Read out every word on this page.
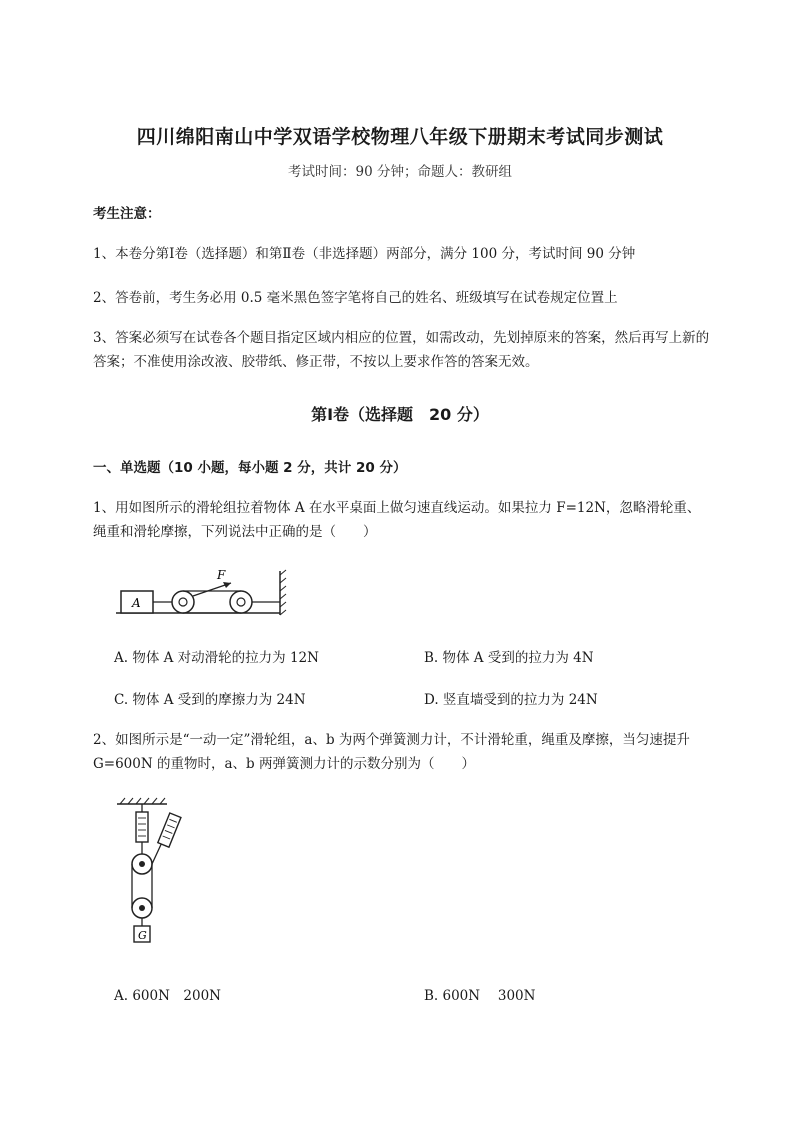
四川绵阳南山中学双语学校物理八年级下册期末考试同步测试
考试时间：90 分钟；命题人：教研组
考生注意：
1、本卷分第Ⅰ卷（选择题）和第Ⅱ卷（非选择题）两部分，满分 100 分，考试时间 90 分钟
2、答卷前，考生务必用 0.5 毫米黑色签字笔将自己的姓名、班级填写在试卷规定位置上
3、答案必须写在试卷各个题目指定区域内相应的位置，如需改动，先划掉原来的答案，然后再写上新的答案；不准使用涂改液、胶带纸、修正带，不按以上要求作答的答案无效。
第Ⅰ卷（选择题　20 分）
一、单选题（10 小题，每小题 2 分，共计 20 分）
1、用如图所示的滑轮组拉着物体 A 在水平桌面上做匀速直线运动。如果拉力 F=12N，忽略滑轮重、绳重和滑轮摩擦，下列说法中正确的是（　　）
A
F
A. 物体 A 对动滑轮的拉力为 12N	B. 物体 A 受到的拉力为 4N
C. 物体 A 受到的摩擦力为 24N	D. 竖直墙受到的拉力为 24N
2、如图所示是“一动一定”滑轮组，a、b 为两个弹簧测力计，不计滑轮重，绳重及摩擦，当匀速提升 G=600N 的重物时，a、b 两弹簧测力计的示数分别为（　　）
G
A. 600N　200N	B. 600N　 300N
